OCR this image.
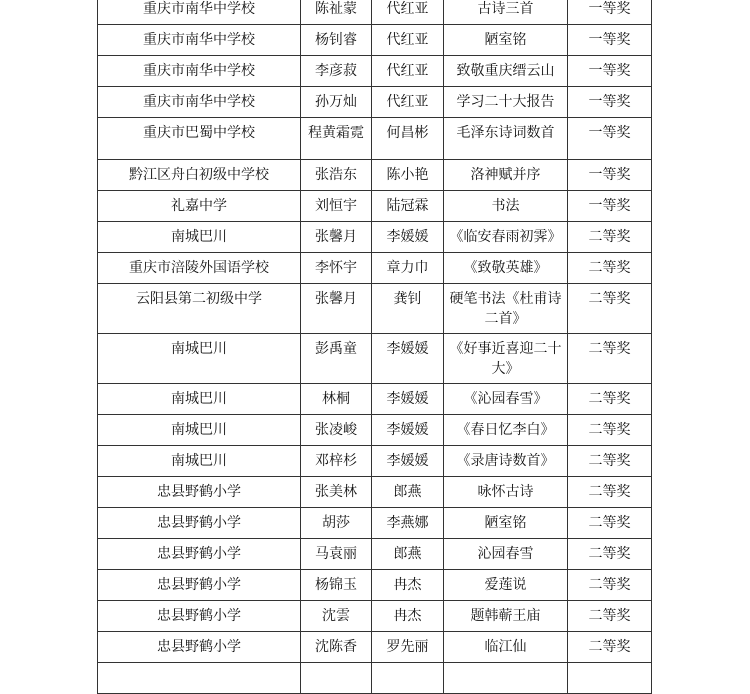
重庆市南华中学校	陈祉蒙	代红亚	古诗三首	一等奖
重庆市南华中学校	杨钊睿	代红亚	陋室铭	一等奖
重庆市南华中学校	李彦菽	代红亚	致敬重庆缙云山	一等奖
重庆市南华中学校	孙万灿	代红亚	学习二十大报告	一等奖
重庆市巴蜀中学校	程黄霜霓	何昌彬	毛泽东诗词数首	一等奖
黔江区舟白初级中学校	张浩东	陈小艳	洛神赋并序	一等奖
礼嘉中学	刘恒宇	陆冠霖	书法	一等奖
南城巴川	张馨月	李媛媛	《临安春雨初霁》	二等奖
重庆市涪陵外国语学校	李怀宇	章力巾	《致敬英雄》	二等奖
云阳县第二初级中学	张馨月	龚钊	硬笔书法《杜甫诗二首》	二等奖
南城巴川	彭禹童	李媛媛	《好事近喜迎二十大》	二等奖
南城巴川	林桐	李媛媛	《沁园春雪》	二等奖
南城巴川	张凌峻	李媛媛	《春日忆李白》	二等奖
南城巴川	邓梓杉	李媛媛	《录唐诗数首》	二等奖
忠县野鹤小学	张美林	郎燕	咏怀古诗	二等奖
忠县野鹤小学	胡莎	李燕娜	陋室铭	二等奖
忠县野鹤小学	马袁丽	郎燕	沁园春雪	二等奖
忠县野鹤小学	杨锦玉	冉杰	爱莲说	二等奖
忠县野鹤小学	沈雲	冉杰	题韩蕲王庙	二等奖
忠县野鹤小学	沈陈香	罗先丽	临江仙	二等奖
